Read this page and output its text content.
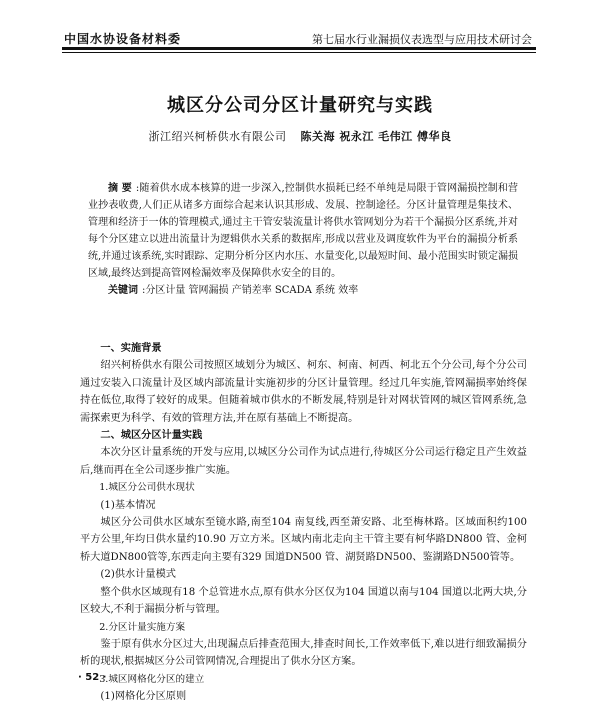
中国水协设备材料委	第七届水行业漏损仪表选型与应用技术研讨会
城区分公司分区计量研究与实践
浙江绍兴柯桥供水有限公司 陈关海 祝永江 毛伟江 傅华良

摘 要 :随着供水成本核算的进一步深入,控制供水损耗已经不单纯是局限于管网漏损控制和营业抄表收费,人们正从诸多方面综合起来认识其形成、发展、控制途径。分区计量管理是集技术、管理和经济于一体的管理模式,通过主干管安装流量计将供水管网划分为若干个漏损分区系统,并对每个分区建立以进出流量计为逻辑供水关系的数据库,形成以营业及调度软件为平台的漏损分析系统,并通过该系统,实时跟踪、定期分析分区内水压、水量变化,以最短时间、最小范围实时锁定漏损区域,最终达到提高管网检漏效率及保障供水安全的目的。

关键词 :分区计量 管网漏损 产销差率 SCADA 系统 效率

一、实施背景

绍兴柯桥供水有限公司按照区域划分为城区、柯东、柯南、柯西、柯北五个分公司,每个分公司通过安装入口流量计及区域内部流量计实施初步的分区计量管理。经过几年实施,管网漏损率始终保持在低位,取得了较好的成果。但随着城市供水的不断发展,特别是针对网状管网的城区管网系统,急需探索更为科学、有效的管理方法,并在原有基础上不断提高。

二、城区分区计量实践

本次分区计量系统的开发与应用,以城区分公司作为试点进行,待城区分公司运行稳定且产生效益后,继而再在全公司逐步推广实施。

1.城区分公司供水现状

(1)基本情况

城区分公司供水区域东至镜水路,南至104 南复线,西至萧安路、北至梅林路。区域面积约100 平方公里,年均日供水量约10.90 万立方米。区域内南北走向主干管主要有柯华路DN800 管、金柯桥大道DN800管等,东西走向主要有329 国道DN500 管、湖贤路DN500、鉴湖路DN500管等。

(2)供水计量模式

整个供水区域现有18 个总管进水点,原有供水分区仅为104 国道以南与104 国道以北两大块,分区较大,不利于漏损分析与管理。

2.分区计量实施方案

鉴于原有供水分区过大,出现漏点后排查范围大,排查时间长,工作效率低下,难以进行细致漏损分析的现状,根据城区分公司管网情况,合理提出了供水分区方案。

3.城区网格化分区的建立

(1)网格化分区原则

· 52 ·
